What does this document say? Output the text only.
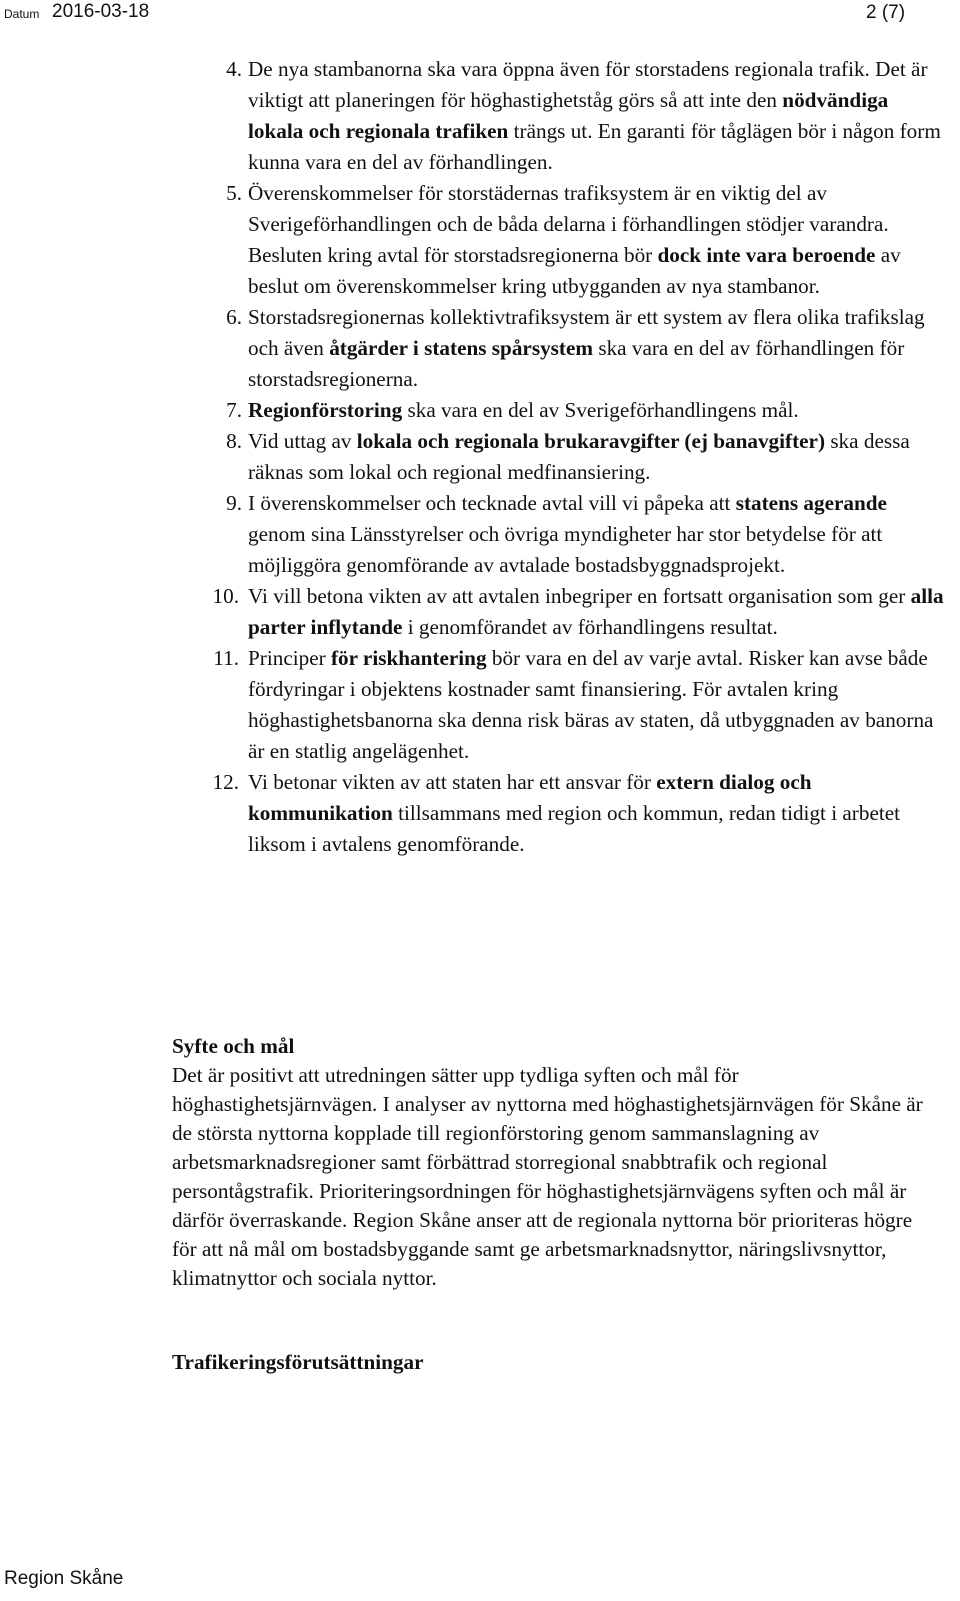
Datum 2016-03-18	2 (7)
4. De nya stambanorna ska vara öppna även för storstadens regionala trafik. Det är viktigt att planeringen för höghastighetståg görs så att inte den nödvändiga lokala och regionala trafiken trängs ut. En garanti för tåglägen bör i någon form kunna vara en del av förhandlingen.
5. Överenskommelser för storstädernas trafiksystem är en viktig del av Sverigeförhandlingen och de båda delarna i förhandlingen stödjer varandra. Besluten kring avtal för storstadsregionerna bör dock inte vara beroende av beslut om överenskommelser kring utbygganden av nya stambanor.
6. Storstadsregionernas kollektivtrafiksystem är ett system av flera olika trafikslag och även åtgärder i statens spårsystem ska vara en del av förhandlingen för storstadsregionerna.
7. Regionförstoring ska vara en del av Sverigeförhandlingens mål.
8. Vid uttag av lokala och regionala brukaravgifter (ej banavgifter) ska dessa räknas som lokal och regional medfinansiering.
9. I överenskommelser och tecknade avtal vill vi påpeka att statens agerande genom sina Länsstyrelser och övriga myndigheter har stor betydelse för att möjliggöra genomförande av avtalade bostadsbyggnadsprojekt.
10. Vi vill betona vikten av att avtalen inbegriper en fortsatt organisation som ger alla parter inflytande i genomförandet av förhandlingens resultat.
11. Principer för riskhantering bör vara en del av varje avtal. Risker kan avse både fördyringar i objektens kostnader samt finansiering. För avtalen kring höghastighetsbanorna ska denna risk bäras av staten, då utbyggnaden av banorna är en statlig angelägenhet.
12. Vi betonar vikten av att staten har ett ansvar för extern dialog och kommunikation tillsammans med region och kommun, redan tidigt i arbetet liksom i avtalens genomförande.
Syfte och mål

Det är positivt att utredningen sätter upp tydliga syften och mål för höghastighetsjärnvägen. I analyser av nyttorna med höghastighetsjärnvägen för Skåne är de största nyttorna kopplade till regionförstoring genom sammanslagning av arbetsmarknadsregioner samt förbättrad storregional snabbtrafik och regional persontågstrafik. Prioriteringsordningen för höghastighetsjärnvägens syften och mål är därför överraskande. Region Skåne anser att de regionala nyttorna bör prioriteras högre för att nå mål om bostadsbyggande samt ge arbetsmarknadsnyttor, näringslivsnyttor, klimatnyttor och sociala nyttor.

Trafikeringsförutsättningar
Region Skåne
